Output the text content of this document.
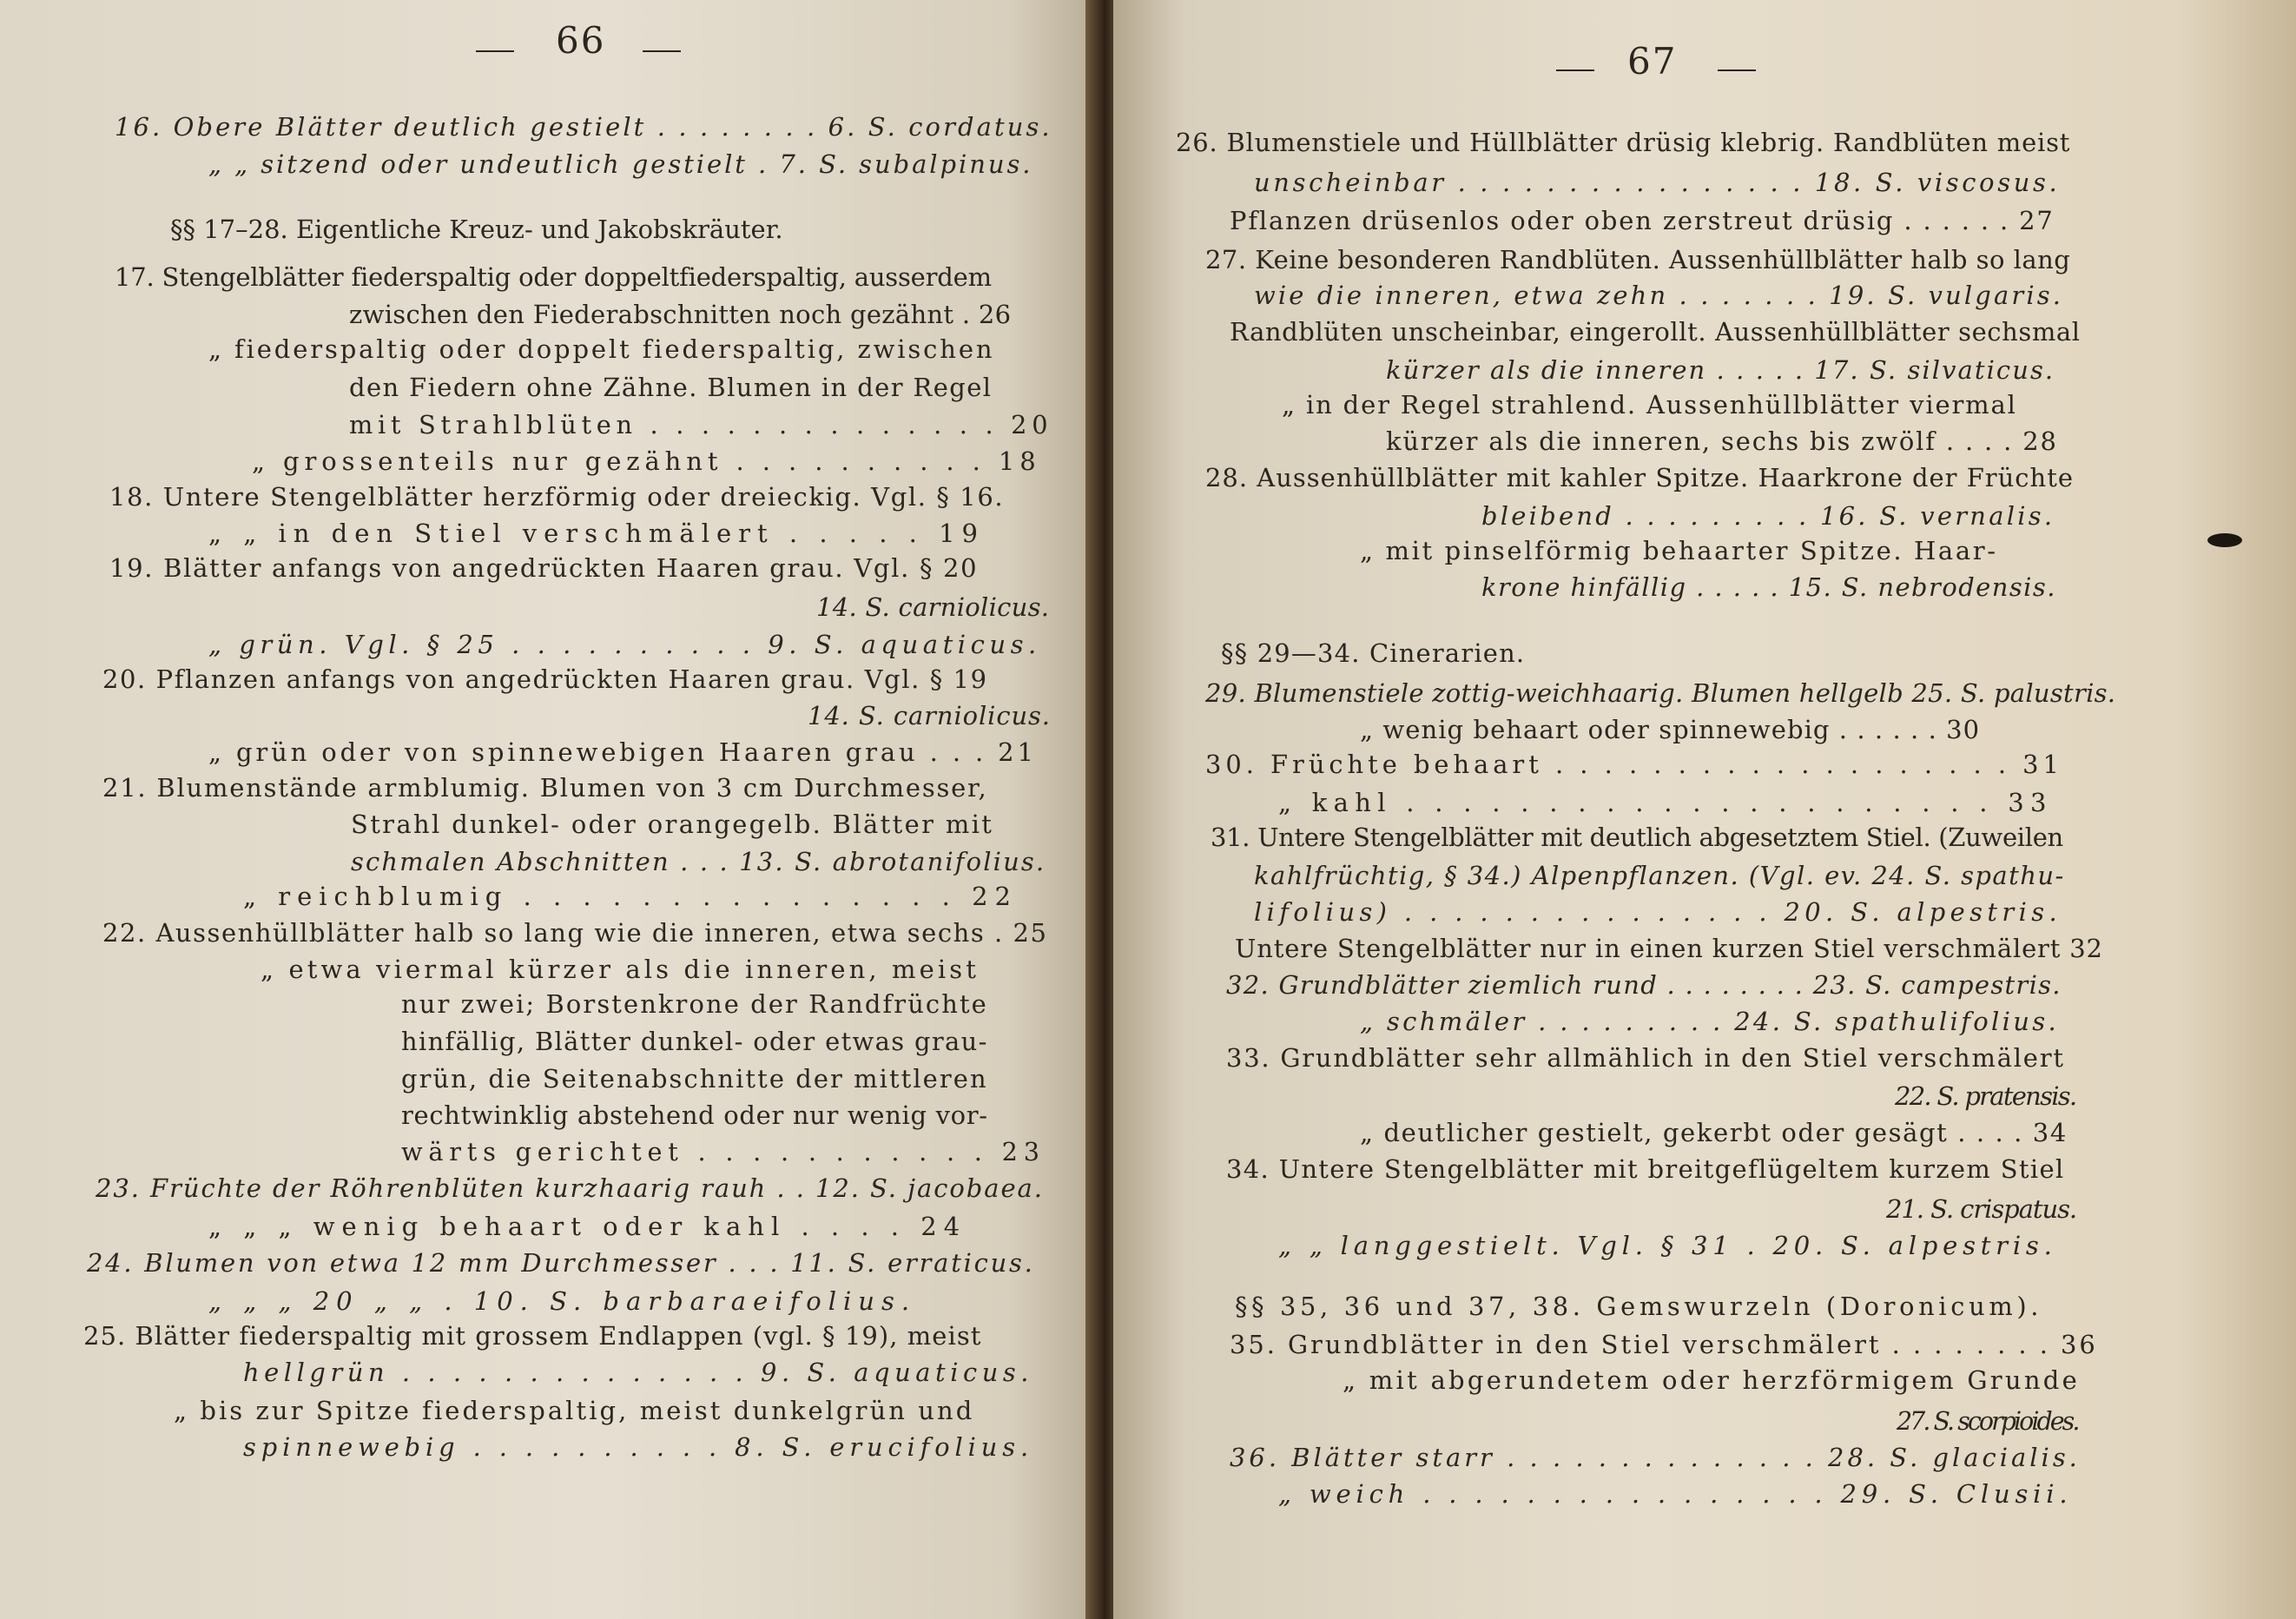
66
16. Obere Blätter deutlich gestielt . . . . . . . . 6. S. cordatus.
„ „ sitzend oder undeutlich gestielt . 7. S. subalpinus.
§§ 17–28. Eigentliche Kreuz- und Jakobskräuter.
17. Stengelblätter fiederspaltig oder doppeltfiederspaltig, ausserdem
zwischen den Fiederabschnitten noch gezähnt . 26
„ fiederspaltig oder doppelt fiederspaltig, zwischen
den Fiedern ohne Zähne. Blumen in der Regel
mit Strahlblüten . . . . . . . . . . . . . . 20
„ grossenteils nur gezähnt . . . . . . . . . . 18
18. Untere Stengelblätter herzförmig oder dreieckig. Vgl. § 16.
„ „ in den Stiel verschmälert . . . . . 19
19. Blätter anfangs von angedrückten Haaren grau. Vgl. § 20
14. S. carniolicus.
„ grün. Vgl. § 25 . . . . . . . . . . 9. S. aquaticus.
20. Pflanzen anfangs von angedrückten Haaren grau. Vgl. § 19
14. S. carniolicus.
„ grün oder von spinnewebigen Haaren grau . . . 21
21. Blumenstände armblumig. Blumen von 3 cm Durchmesser,
Strahl dunkel- oder orangegelb. Blätter mit
schmalen Abschnitten . . . 13. S. abrotanifolius.
„ reichblumig . . . . . . . . . . . . . . . 22
22. Aussenhüllblätter halb so lang wie die inneren, etwa sechs . 25
„ etwa viermal kürzer als die inneren, meist
nur zwei; Borstenkrone der Randfrüchte
hinfällig, Blätter dunkel- oder etwas grau-
grün, die Seitenabschnitte der mittleren
rechtwinklig abstehend oder nur wenig vor-
wärts gerichtet . . . . . . . . . . . 23
23. Früchte der Röhrenblüten kurzhaarig rauh . . 12. S. jacobaea.
„ „ „ wenig behaart oder kahl . . . . 24
24. Blumen von etwa 12 mm Durchmesser . . . 11. S. erraticus.
„ „ „ 20 „ „ . 10. S. barbaraeifolius.
25. Blätter fiederspaltig mit grossem Endlappen (vgl. § 19), meist
hellgrün . . . . . . . . . . . . . . 9. S. aquaticus.
„ bis zur Spitze fiederspaltig, meist dunkelgrün und
spinnewebig . . . . . . . . . . 8. S. erucifolius.
67
26. Blumenstiele und Hüllblätter drüsig klebrig. Randblüten meist
unscheinbar . . . . . . . . . . . . . . . . 18. S. viscosus.
Pflanzen drüsenlos oder oben zerstreut drüsig . . . . . . 27
27. Keine besonderen Randblüten. Aussenhüllblätter halb so lang
wie die inneren, etwa zehn . . . . . . . 19. S. vulgaris.
Randblüten unscheinbar, eingerollt. Aussenhüllblätter sechsmal
kürzer als die inneren . . . . . 17. S. silvaticus.
„ in der Regel strahlend. Aussenhüllblätter viermal
kürzer als die inneren, sechs bis zwölf . . . . 28
28. Aussenhüllblätter mit kahler Spitze. Haarkrone der Früchte
bleibend . . . . . . . . . 16. S. vernalis.
„ mit pinselförmig behaarter Spitze. Haar-
krone hinfällig . . . . . 15. S. nebrodensis.
§§ 29—34. Cinerarien.
29. Blumenstiele zottig-weichhaarig. Blumen hellgelb 25. S. palustris.
„ wenig behaart oder spinnewebig . . . . . . 30
30. Früchte behaart . . . . . . . . . . . . . . . . . . . 31
„ kahl . . . . . . . . . . . . . . . . . . . . . 33
31. Untere Stengelblätter mit deutlich abgesetztem Stiel. (Zuweilen
kahlfrüchtig, § 34.) Alpenpflanzen. (Vgl. ev. 24. S. spathu-
lifolius) . . . . . . . . . . . . . . . 20. S. alpestris.
Untere Stengelblätter nur in einen kurzen Stiel verschmälert 32
32. Grundblätter ziemlich rund . . . . . . . . 23. S. campestris.
„ schmäler . . . . . . . . . 24. S. spathulifolius.
33. Grundblätter sehr allmählich in den Stiel verschmälert
22. S. pratensis.
„ deutlicher gestielt, gekerbt oder gesägt . . . . 34
34. Untere Stengelblätter mit breitgeflügeltem kurzem Stiel
21. S. crispatus.
„ „ langgestielt. Vgl. § 31 . 20. S. alpestris.
§§ 35, 36 und 37, 38. Gemswurzeln (Doronicum).
35. Grundblätter in den Stiel verschmälert . . . . . . . . 36
„ mit abgerundetem oder herzförmigem Grunde
27. S. scorpioides.
36. Blätter starr . . . . . . . . . . . . . . 28. S. glacialis.
„ weich . . . . . . . . . . . . . . . . 29. S. Clusii.
